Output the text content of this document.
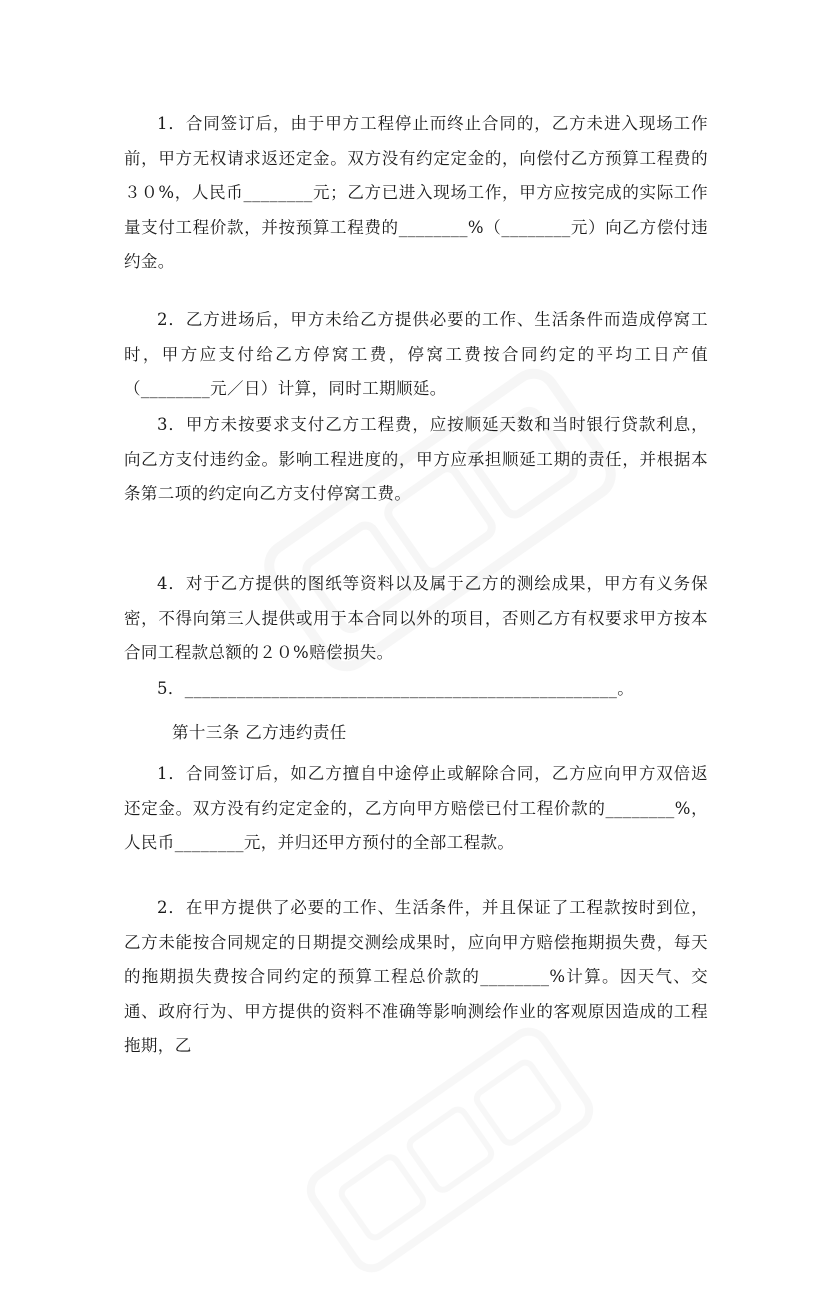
1．合同签订后，由于甲方工程停止而终止合同的，乙方未进入现场工作前，甲方无权请求返还定金。双方没有约定定金的，向偿付乙方预算工程费的３０%，人民币________元；乙方已进入现场工作，甲方应按完成的实际工作量支付工程价款，并按预算工程费的________%（________元）向乙方偿付违约金。

2．乙方进场后，甲方未给乙方提供必要的工作、生活条件而造成停窝工时，甲方应支付给乙方停窝工费，停窝工费按合同约定的平均工日产值（________元／日）计算，同时工期顺延。

3．甲方未按要求支付乙方工程费，应按顺延天数和当时银行贷款利息，向乙方支付违约金。影响工程进度的，甲方应承担顺延工期的责任，并根据本条第二项的约定向乙方支付停窝工费。

4．对于乙方提供的图纸等资料以及属于乙方的测绘成果，甲方有义务保密，不得向第三人提供或用于本合同以外的项目，否则乙方有权要求甲方按本合同工程款总额的２０%赔偿损失。

5．__________________________________________________。

第十三条 乙方违约责任

1．合同签订后，如乙方擅自中途停止或解除合同，乙方应向甲方双倍返还定金。双方没有约定定金的，乙方向甲方赔偿已付工程价款的________%，人民币________元，并归还甲方预付的全部工程款。

2．在甲方提供了必要的工作、生活条件，并且保证了工程款按时到位，乙方未能按合同规定的日期提交测绘成果时，应向甲方赔偿拖期损失费，每天的拖期损失费按合同约定的预算工程总价款的________%计算。因天气、交通、政府行为、甲方提供的资料不准确等影响测绘作业的客观原因造成的工程拖期，乙
